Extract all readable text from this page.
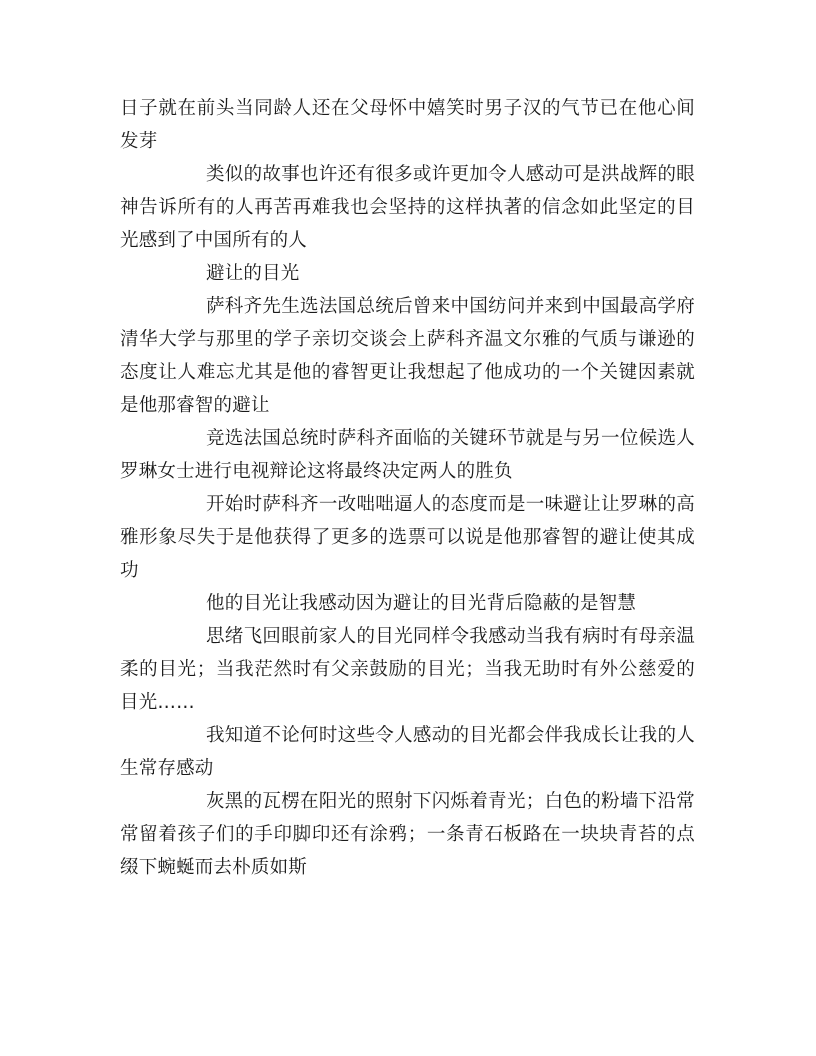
日子就在前头当同龄人还在父母怀中嬉笑时男子汉的气节已在他心间发芽

类似的故事也许还有很多或许更加令人感动可是洪战辉的眼神告诉所有的人再苦再难我也会坚持的这样执著的信念如此坚定的目光感到了中国所有的人

避让的目光

萨科齐先生选法国总统后曾来中国纺问并来到中国最高学府清华大学与那里的学子亲切交谈会上萨科齐温文尔雅的气质与谦逊的态度让人难忘尤其是他的睿智更让我想起了他成功的一个关键因素就是他那睿智的避让

竞选法国总统时萨科齐面临的关键环节就是与另一位候选人罗琳女士进行电视辩论这将最终决定两人的胜负

开始时萨科齐一改咄咄逼人的态度而是一味避让让罗琳的高雅形象尽失于是他获得了更多的选票可以说是他那睿智的避让使其成功

他的目光让我感动因为避让的目光背后隐蔽的是智慧

思绪飞回眼前家人的目光同样令我感动当我有病时有母亲温柔的目光；当我茫然时有父亲鼓励的目光；当我无助时有外公慈爱的目光……

我知道不论何时这些令人感动的目光都会伴我成长让我的人生常存感动

灰黑的瓦楞在阳光的照射下闪烁着青光；白色的粉墙下沿常常留着孩子们的手印脚印还有涂鸦；一条青石板路在一块块青苔的点缀下蜿蜒而去朴质如斯
